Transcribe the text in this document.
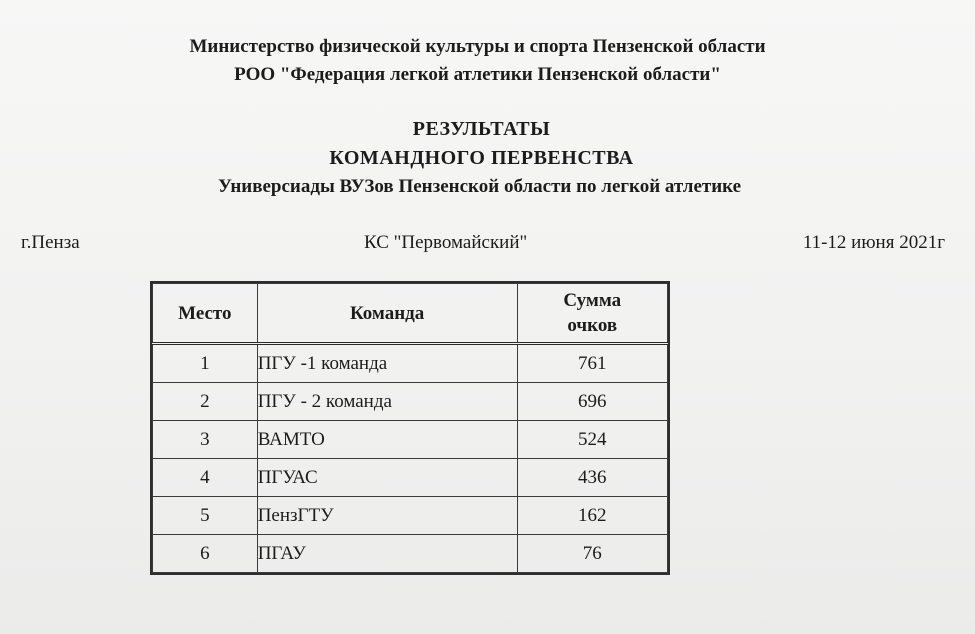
Министерство физической культуры и спорта Пензенской области
РОО "Федерация легкой атлетики Пензенской области"
РЕЗУЛЬТАТЫ
КОМАНДНОГО ПЕРВЕНСТВА
Универсиады ВУЗов Пензенской области по легкой атлетике
г.Пенза	КС "Первомайский"	11-12 июня 2021г
Место	Команда	Сумма
очков

1	ПГУ -1 команда	761
2	ПГУ - 2 команда	696
3	ВАМТО	524
4	ПГУАС	436
5	ПензГТУ	162
6	ПГАУ	76
